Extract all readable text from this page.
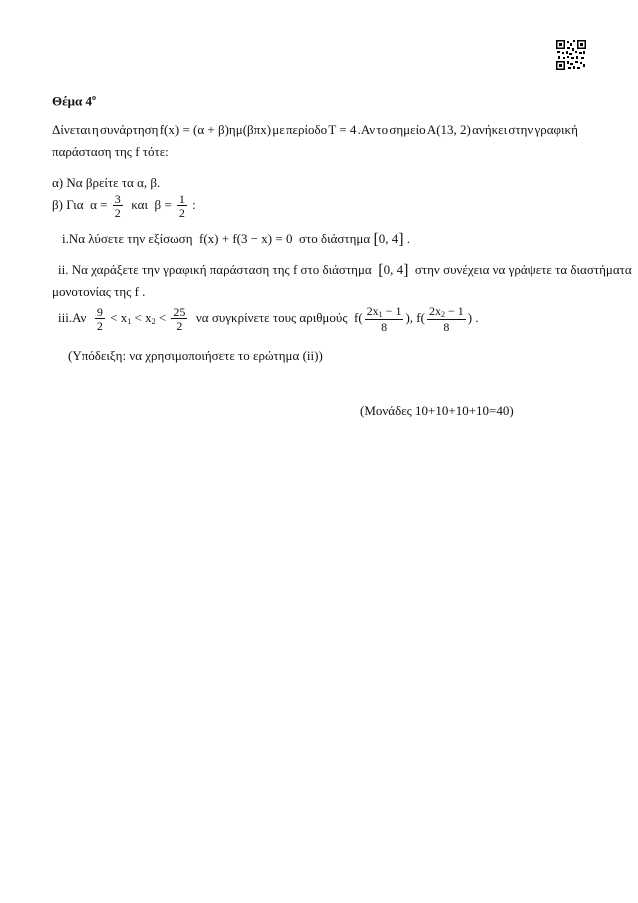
Θέμα $4^o$
Δίνεται η συνάρτηση f(x) = (α + β)ημ(βπx) με περίοδο T = 4 .Αν το σημείο A(13, 2) ανήκει στην γραφική
παράσταση της f τότε:
α) Να βρείτε τα α, β.
β) Για $\alpha = \frac{3}{2}$ και $\beta = \frac{1}{2}$ :
i.Να λύσετε την εξίσωση f(x) + f(3 − x) = 0 στο διάστημα [0, 4] .
ii. Να χαράξετε την γραφική παράσταση της f στο διάστημα [0, 4] στην συνέχεια να γράψετε τα διαστήματα
μονοτονίας της f .
$iii.A\nu \frac{9}{2} < x_1 < x_2 < \frac{25}{2}$ να συγκρίνετε τους αριθμούς $f( \frac{2x_1 - 1}{8}$ ), $f( \frac{2x_2 - 1}{8}$ ) .
(Υπόδειξη: να χρησιμοποιήσετε το ερώτημα (ii))
(Μονάδες 10+10+10+10=40)
